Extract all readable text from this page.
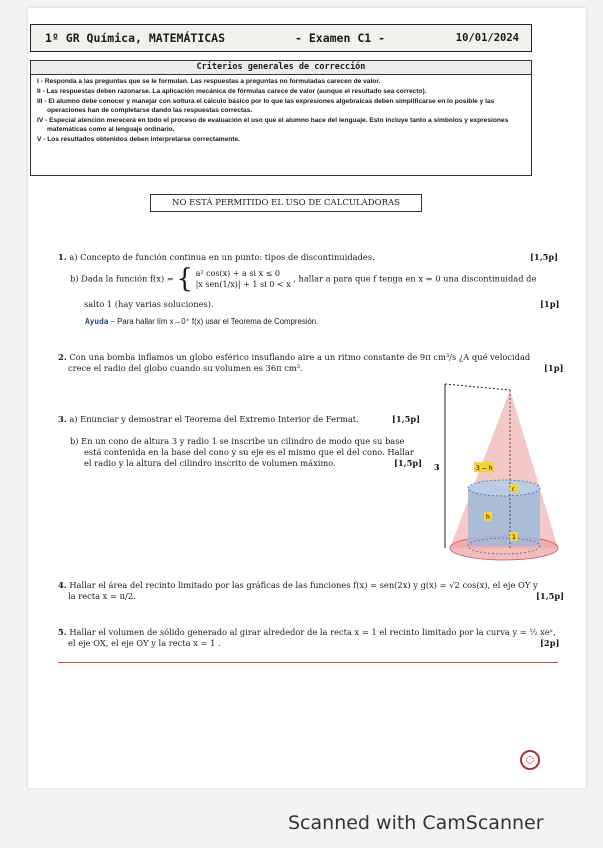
1º GR Química, MATEMÁTICAS	- Examen C1 -	10/01/2024
Criterios generales de corrección
I - Responda a las preguntas que se le formulan. Las respuestas a preguntas no formuladas carecen de valor.
II - Las respuestas deben razonarse. La aplicación mecánica de fórmulas carece de valor (aunque el resultado sea correcto).
III - El alumno debe conocer y manejar con soltura el cálculo básico por lo que las expresiones algebraicas deben simplificarse en lo posible y las operaciones han de completarse dando las respuestas correctas.
IV - Especial atención merecerá en todo el proceso de evaluación el uso que el alumno hace del lenguaje. Esto incluye tanto a símbolos y expresiones matemáticas como al lenguaje ordinario.
V - Los resultados obtenidos deben interpretarse correctamente.
NO ESTÁ PERMITIDO EL USO DE CALCULADORAS
1. a) Concepto de función continua en un punto: tipos de discontinuidades.	[1,5p]
b) Dada la función f(x) = { a² cos(x) + a si x ≤ 0
|x sen(1/x)| + 1 si 0 < x , hallar a para que f tenga en x = 0 una discontinuidad de
salto 1 (hay varias soluciones).	[1p]
Ayuda – Para hallar lím x→0⁺ f(x) usar el Teorema de Compresión.
2. Con una bomba inflamos un globo esférico insuflando aire a un ritmo constante de 9π cm³/s ¿A qué velocidad
crece el radio del globo cuando su volumen es 36π cm³.	[1p]
3. a) Enunciar y demostrar el Teorema del Extremo Interior de Fermat.	[1,5p]
b) En un cono de altura 3 y radio 1 se inscribe un cilindro de modo que su base
está contenida en la base del cono y su eje es el mismo que el del cono. Hallar
el radio y la altura del cilindro inscrito de volumen máximo.	[1,5p]
3 − h
r
h
1
3
4. Hallar el área del recinto limitado por las gráficas de las funciones f(x) = sen(2x) y g(x) = √2 cos(x), el eje OY y
la recta x = π/2.	[1,5p]
5. Hallar el volumen de sólido generado al girar alrededor de la recta x = 1 el recinto limitado por la curva y = ½ xeˣ,
el eje OX, el eje OY y la recta x = 1 .	[2p]
Scanned with CamScanner
